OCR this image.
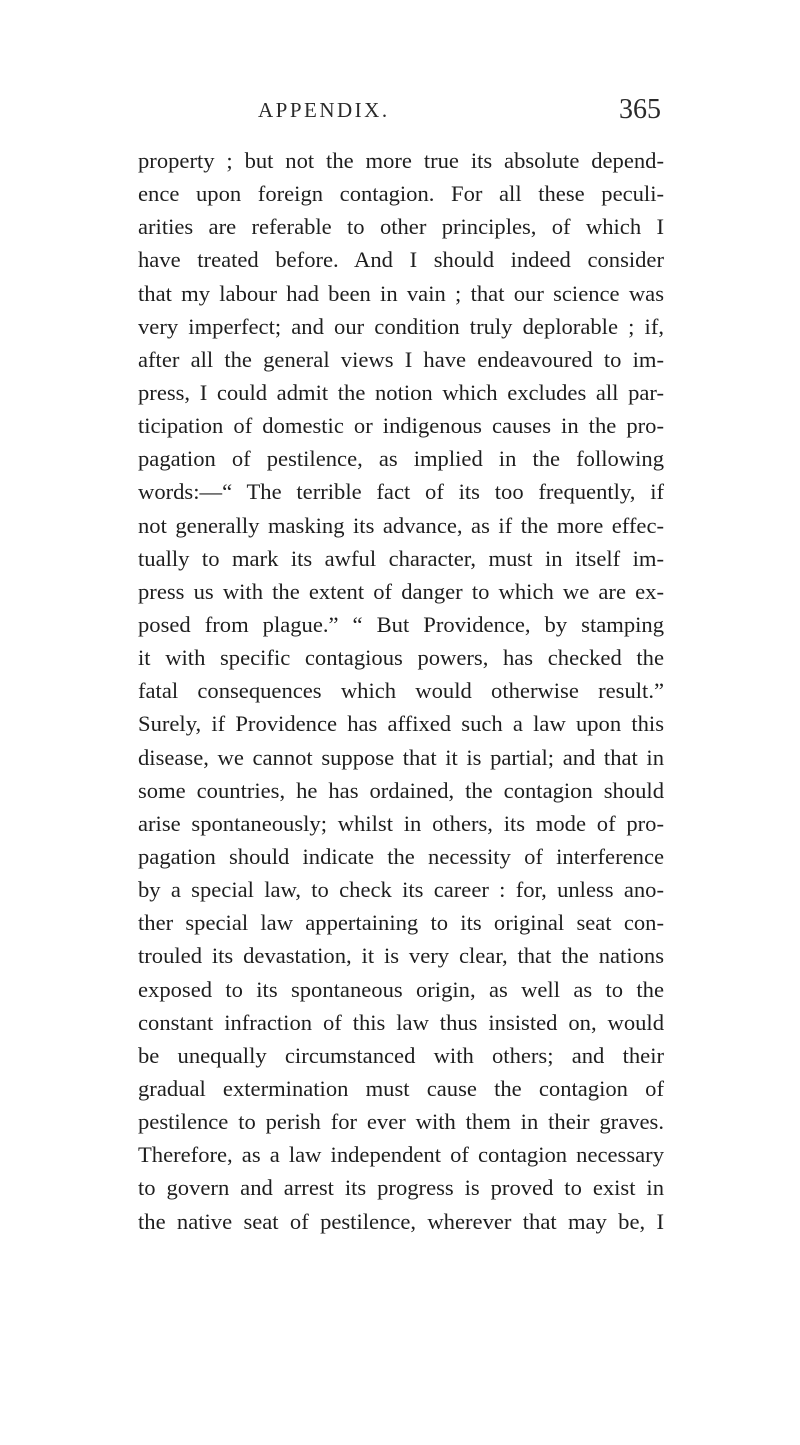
APPENDIX.	365
property ; but not the more true its absolute depend-
ence upon foreign contagion. For all these peculi-
arities are referable to other principles, of which I
have treated before. And I should indeed consider
that my labour had been in vain ; that our science was
very imperfect; and our condition truly deplorable ; if,
after all the general views I have endeavoured to im-
press, I could admit the notion which excludes all par-
ticipation of domestic or indigenous causes in the pro-
pagation of pestilence, as implied in the following
words:—“ The terrible fact of its too frequently, if
not generally masking its advance, as if the more effec-
tually to mark its awful character, must in itself im-
press us with the extent of danger to which we are ex-
posed from plague.” “ But Providence, by stamping
it with specific contagious powers, has checked the
fatal consequences which would otherwise result.”
Surely, if Providence has affixed such a law upon this
disease, we cannot suppose that it is partial; and that in
some countries, he has ordained, the contagion should
arise spontaneously; whilst in others, its mode of pro-
pagation should indicate the necessity of interference
by a special law, to check its career : for, unless ano-
ther special law appertaining to its original seat con-
trouled its devastation, it is very clear, that the nations
exposed to its spontaneous origin, as well as to the
constant infraction of this law thus insisted on, would
be unequally circumstanced with others; and their
gradual extermination must cause the contagion of
pestilence to perish for ever with them in their graves.
Therefore, as a law independent of contagion necessary
to govern and arrest its progress is proved to exist in
the native seat of pestilence, wherever that may be, I
